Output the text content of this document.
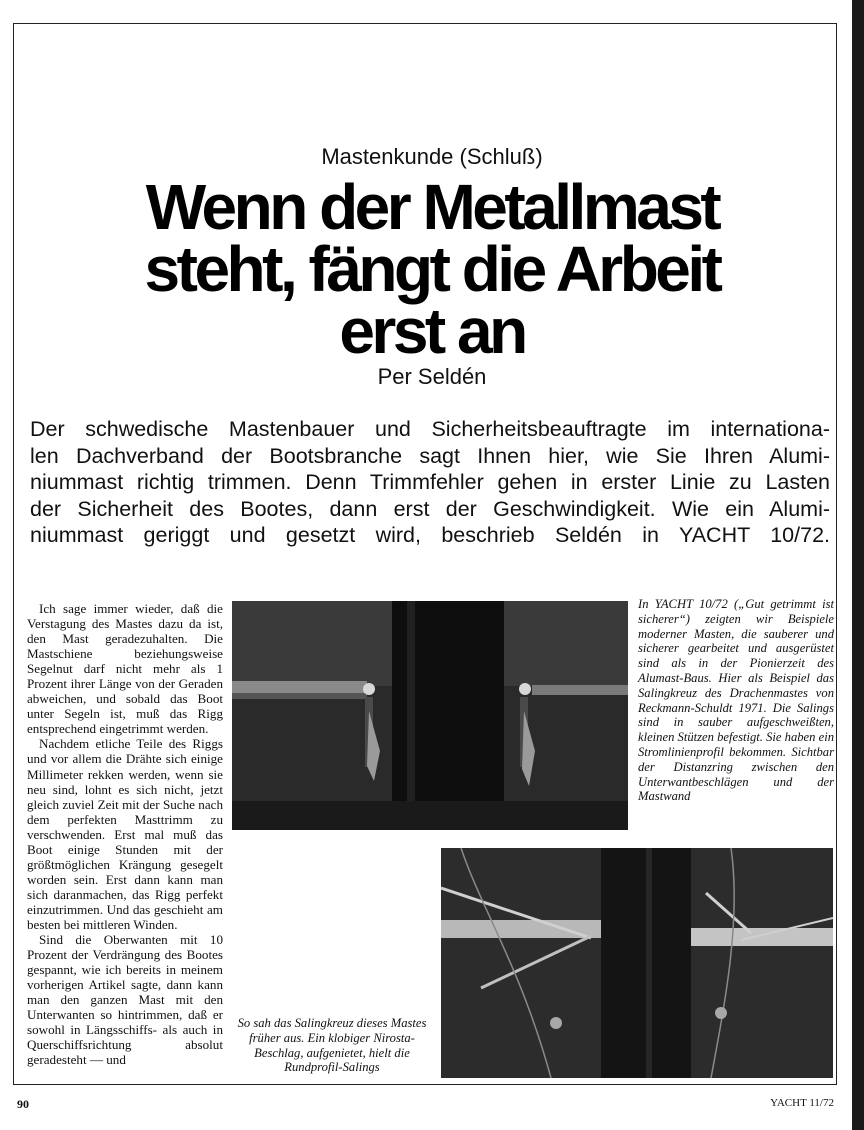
Mastenkunde (Schluß)
Wenn der Metallmast
steht, fängt die Arbeit
erst an
Per Seldén
Der schwedische Mastenbauer und Sicherheitsbeauftragte im internationa-
len Dachverband der Bootsbranche sagt Ihnen hier, wie Sie Ihren Alumi-
niummast richtig trimmen. Denn Trimmfehler gehen in erster Linie zu Lasten
der Sicherheit des Bootes, dann erst der Geschwindigkeit. Wie ein Alumi-
niummast geriggt und gesetzt wird, beschrieb Seldén in YACHT 10/72.

Ich sage immer wieder, daß die Verstagung des Mastes dazu da ist, den Mast geradezuhalten. Die Mastschiene beziehungsweise Segelnut darf nicht mehr als 1 Prozent ihrer Länge von der Geraden abweichen, und sobald das Boot unter Segeln ist, muß das Rigg entsprechend eingetrimmt werden.

Nachdem etliche Teile des Riggs und vor allem die Drähte sich einige Millimeter rekken werden, wenn sie neu sind, lohnt es sich nicht, jetzt gleich zuviel Zeit mit der Suche nach dem perfekten Masttrimm zu verschwenden. Erst mal muß das Boot einige Stunden mit der größtmöglichen Krängung gesegelt worden sein. Erst dann kann man sich daranmachen, das Rigg perfekt einzutrimmen. Und das geschieht am besten bei mittleren Winden.

Sind die Oberwanten mit 10 Prozent der Verdrängung des Bootes gespannt, wie ich bereits in meinem vorherigen Artikel sagte, dann kann man den ganzen Mast mit den Unterwanten so hintrimmen, daß er sowohl in Längsschiffs- als auch in Querschiffsrichtung absolut geradesteht — und

In YACHT 10/72 („Gut getrimmt ist sicherer“) zeigten wir Beispiele moderner Masten, die sauberer und sicherer gearbeitet und ausgerüstet sind als in der Pionierzeit des Alumast-Baus. Hier als Beispiel das Salingkreuz des Drachenmastes von Reckmann-Schuldt 1971. Die Salings sind in sauber aufgeschweißten, kleinen Stützen befestigt. Sie haben ein Stromlinienprofil bekommen. Sichtbar der Distanzring zwischen den Unterwantbeschlägen und der Mastwand
So sah das Salingkreuz dieses Mastes früher aus. Ein klobiger Nirosta-Beschlag, aufgenietet, hielt die Rundprofil-Salings
90	YACHT 11/72
